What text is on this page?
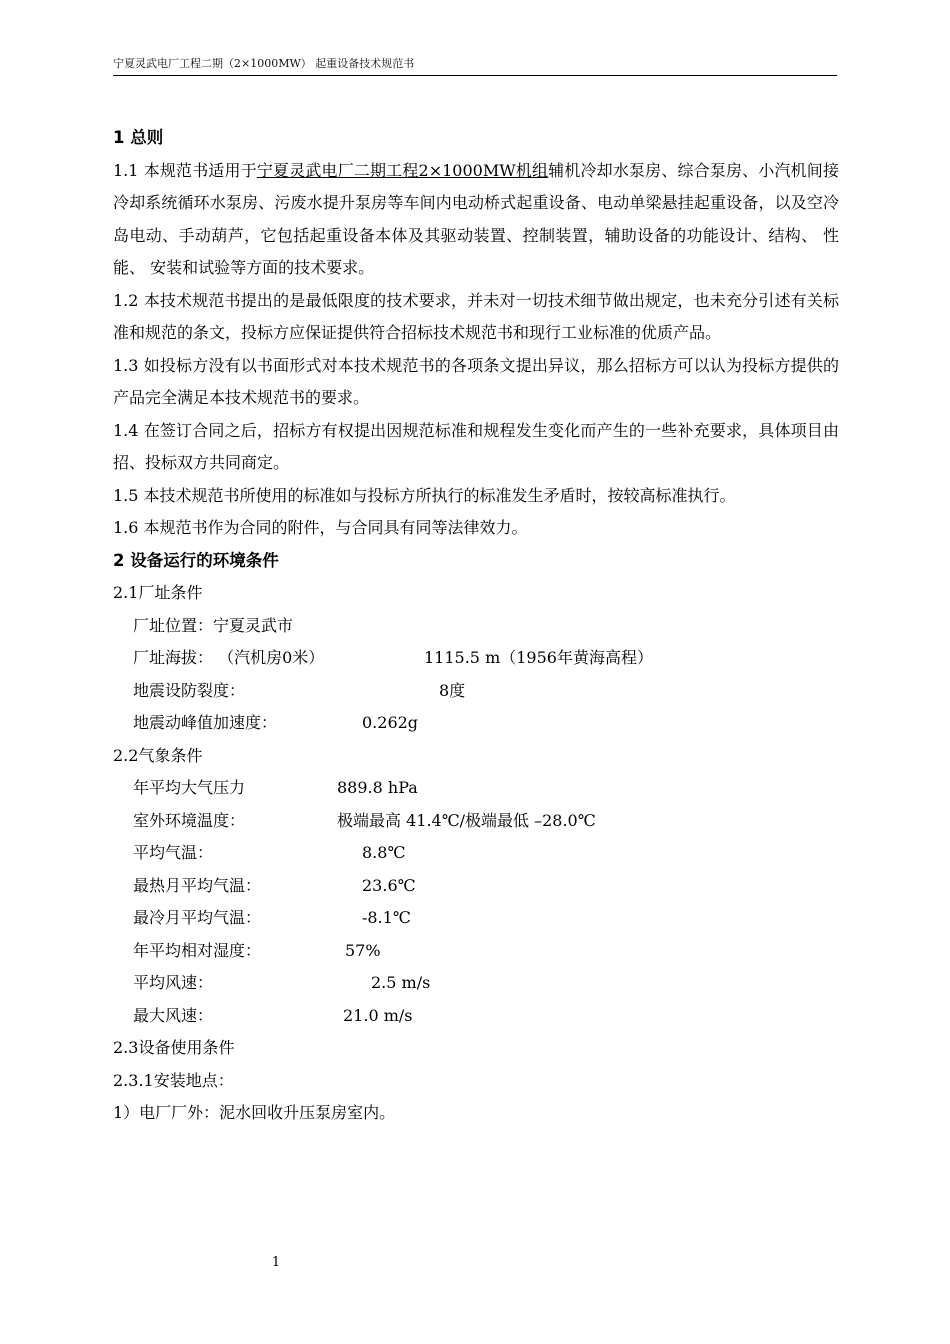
宁夏灵武电厂工程二期（2×1000MW） 起重设备技术规范书
1 总则
1.1 本规范书适用于宁夏灵武电厂二期工程2×1000MW机组辅机冷却水泵房、综合泵房、小汽机间接冷却系统循环水泵房、污废水提升泵房等车间内电动桥式起重设备、电动单梁悬挂起重设备，以及空冷岛电动、手动葫芦，它包括起重设备本体及其驱动装置、控制装置，辅助设备的功能设计、结构、 性能、 安装和试验等方面的技术要求。
1.2 本技术规范书提出的是最低限度的技术要求，并未对一切技术细节做出规定，也未充分引述有关标准和规范的条文，投标方应保证提供符合招标技术规范书和现行工业标准的优质产品。
1.3 如投标方没有以书面形式对本技术规范书的各项条文提出异议，那么招标方可以认为投标方提供的产品完全满足本技术规范书的要求。
1.4 在签订合同之后，招标方有权提出因规范标准和规程发生变化而产生的一些补充要求，具体项目由招、投标双方共同商定。
1.5 本技术规范书所使用的标准如与投标方所执行的标准发生矛盾时，按较高标准执行。
1.6 本规范书作为合同的附件，与合同具有同等法律效力。
2 设备运行的环境条件
2.1厂址条件
厂址位置：宁夏灵武市
厂址海拔： （汽机房0米）	1115.5 m（1956年黄海高程）
地震设防裂度：	8度
地震动峰值加速度：	0.262g
2.2气象条件
年平均大气压力	889.8 hPa
室外环境温度：	极端最高 41.4℃/极端最低 –28.0℃
平均气温：	8.8℃
最热月平均气温：	23.6℃
最冷月平均气温：	-8.1℃
年平均相对湿度：	57%
平均风速：	2.5 m/s
最大风速：	21.0 m/s
2.3设备使用条件
2.3.1安装地点：
1）电厂厂外：泥水回收升压泵房室内。
1
